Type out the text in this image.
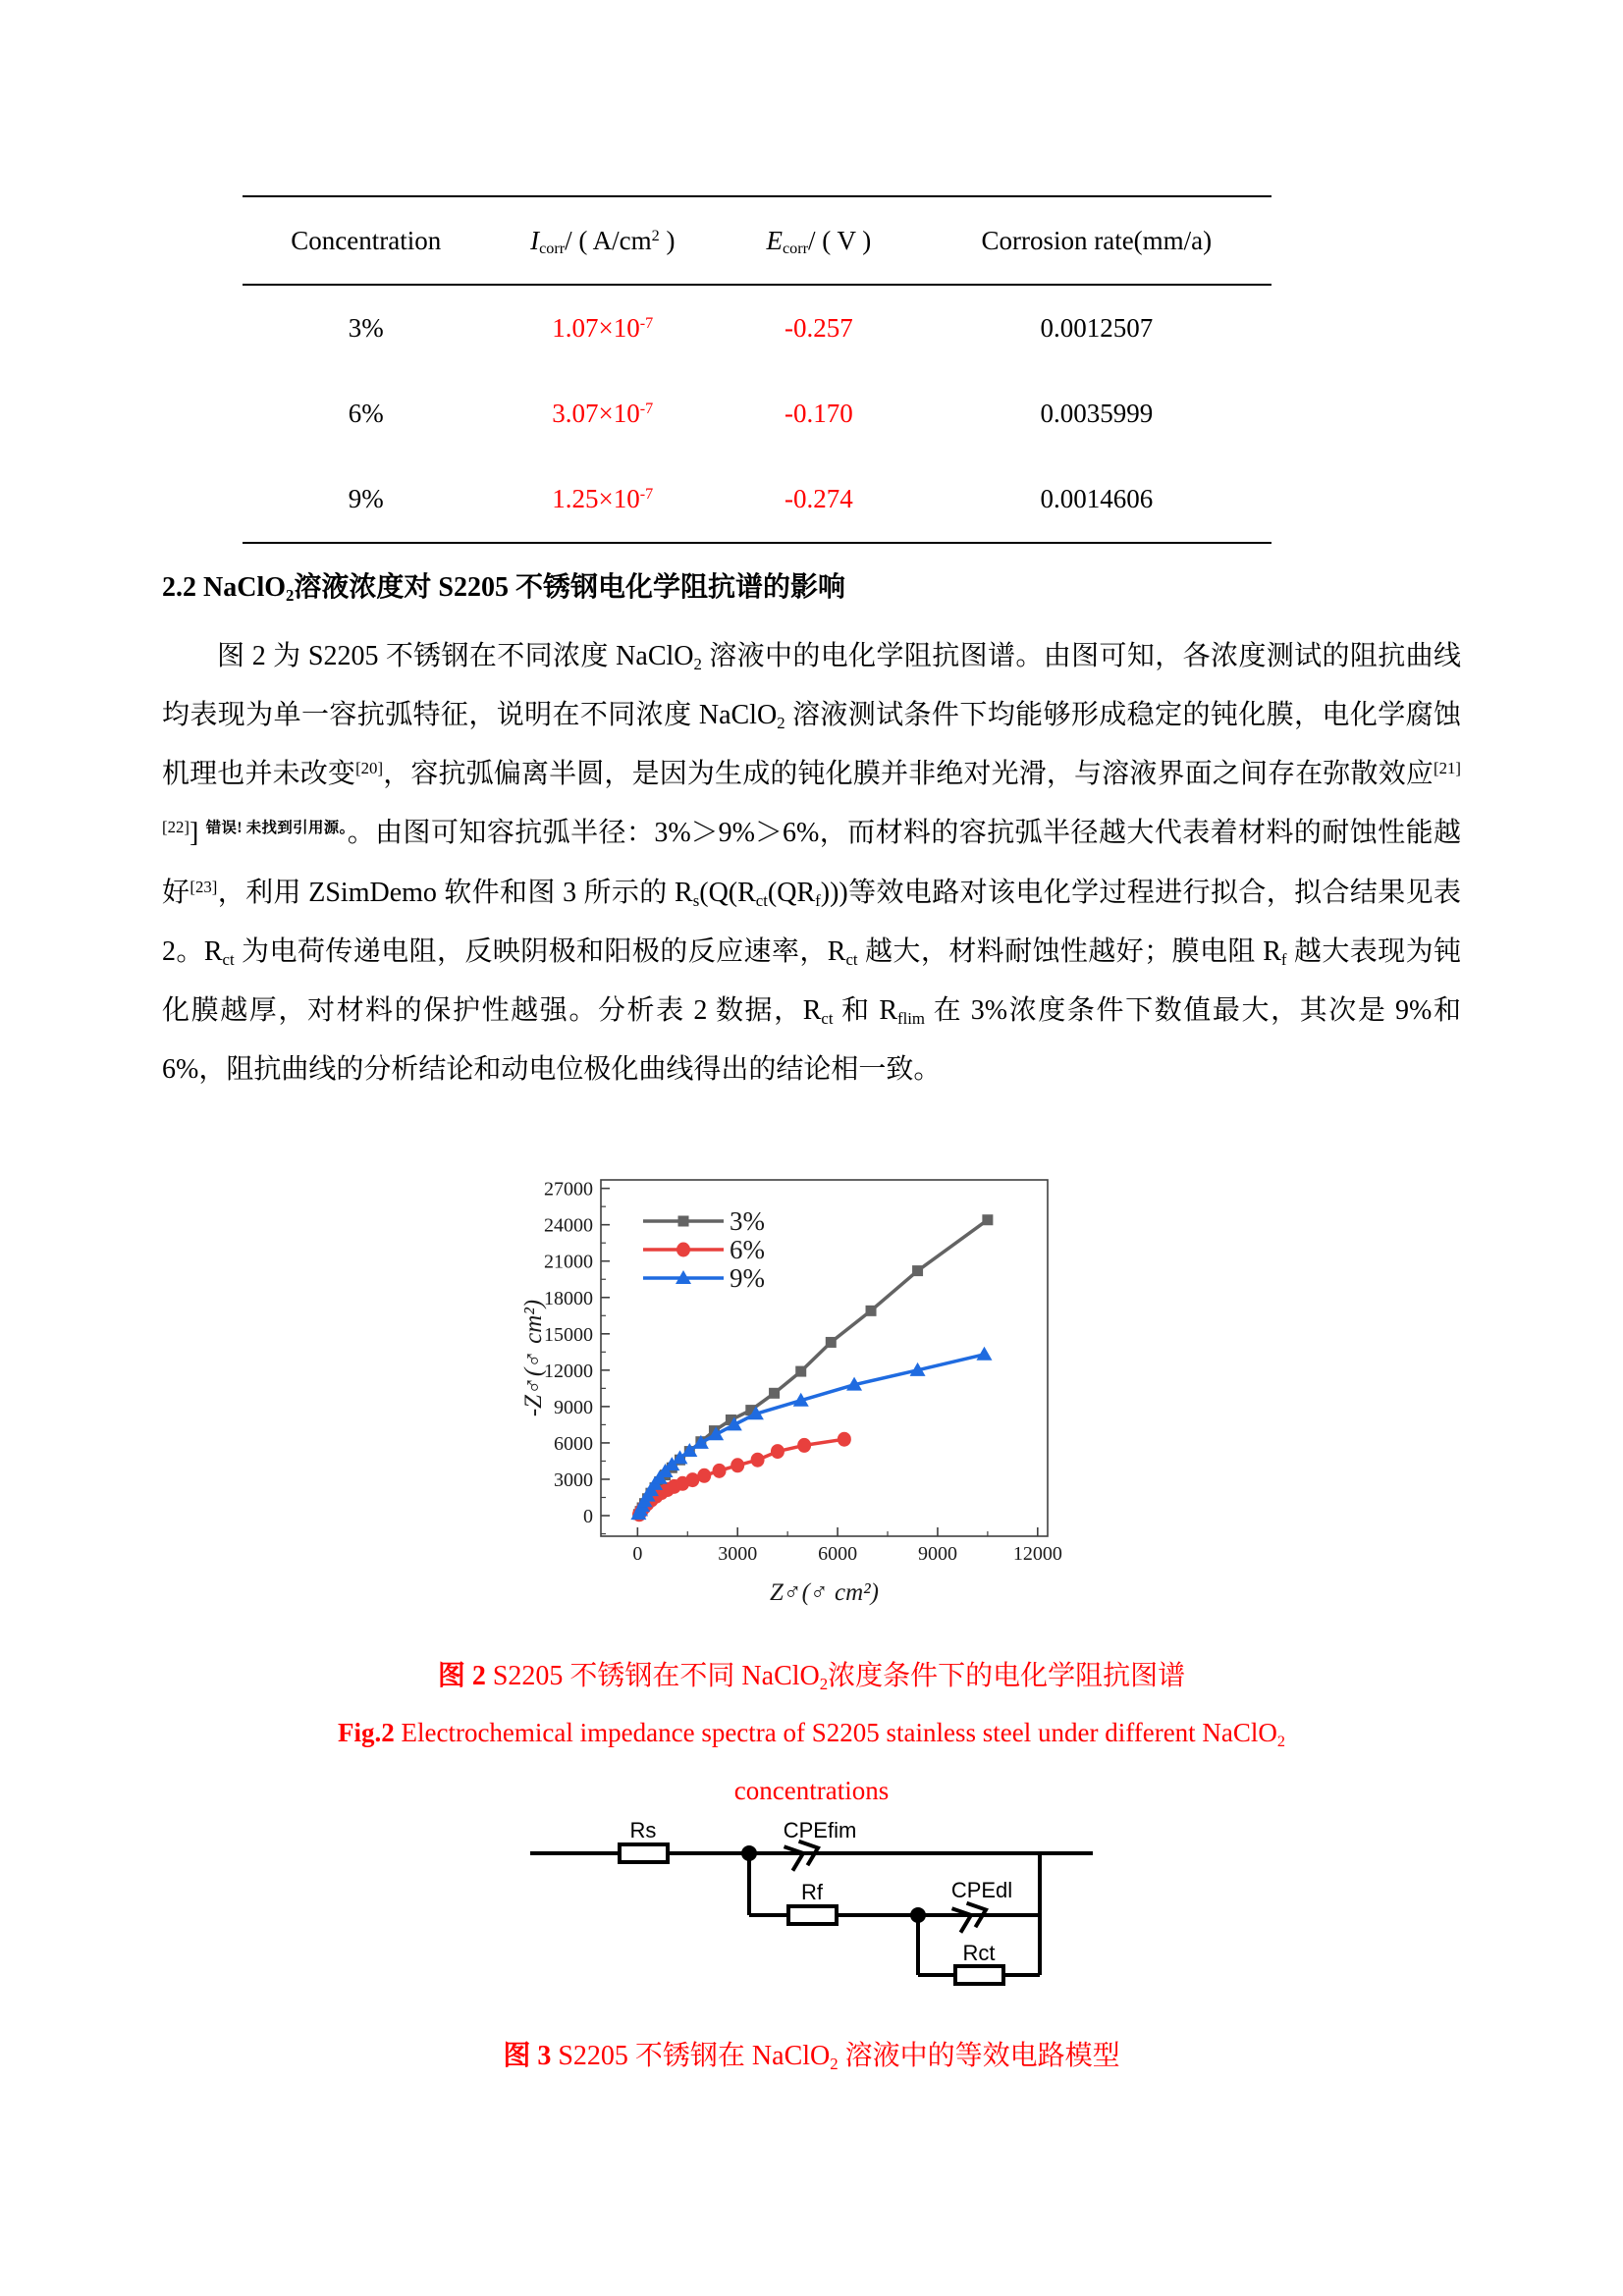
Concentration	Icorr/ ( $A/cm^2$ )	Ecorr/ ( V )	Corrosion rate(mm/a)
3%	$1.07\times 10^{-7}$	-0.257	0.0012507
6%	$3.07\times 10^{-7}$	-0.170	0.0035999
9%	$1.25\times 10^{-7}$	-0.274	0.0014606
2.2 NaClO2溶液浓度对 S2205 不锈钢电化学阻抗谱的影响
图 2 为 S2205 不锈钢在不同浓度 NaClO2 溶液中的电化学阻抗图谱。由图可知，各浓度测试的阻抗曲线均表现为单一容抗弧特征，说明在不同浓度 NaClO2 溶液测试条件下均能够形成稳定的钝化膜，电化学腐蚀机理也并未改变[20]，容抗弧偏离半圆，是因为生成的钝化膜并非绝对光滑，与溶液界面之间存在弥散效应[21][22]] $^{错误! 未找到引用源。}$。由图可知容抗弧半径：3%＞9%＞6%，而材料的容抗弧半径越大代表着材料的耐蚀性能越好[23]，利用 ZSimDemo 软件和图 3 所示的 Rs(Q(Rct(QRf)))等效电路对该电化学过程进行拟合，拟合结果见表 2。Rct 为电荷传递电阻，反映阴极和阳极的反应速率，Rct 越大，材料耐蚀性越好；膜电阻 Rf 越大表现为钝化膜越厚，对材料的保护性越强。分析表 2 数据，Rct 和 Rflim 在 3%浓度条件下数值最大，其次是 9%和 6%，阻抗曲线的分析结论和动电位极化曲线得出的结论相一致。
0
3000
6000
9000
12000
15000
18000
21000
24000
27000
0	3000	6000	9000	12000
Z♂(♂ cm²)
-Z♂(♂ cm²)
3%
6%
9%
图 2 S2205 不锈钢在不同 NaClO2浓度条件下的电化学阻抗图谱
Fig.2 Electrochemical impedance spectra of S2205 stainless steel under different NaClO2
concentrations
Rs	CPEfim
Rf	CPEdl
Rct
图 3 S2205 不锈钢在 NaClO2 溶液中的等效电路模型
